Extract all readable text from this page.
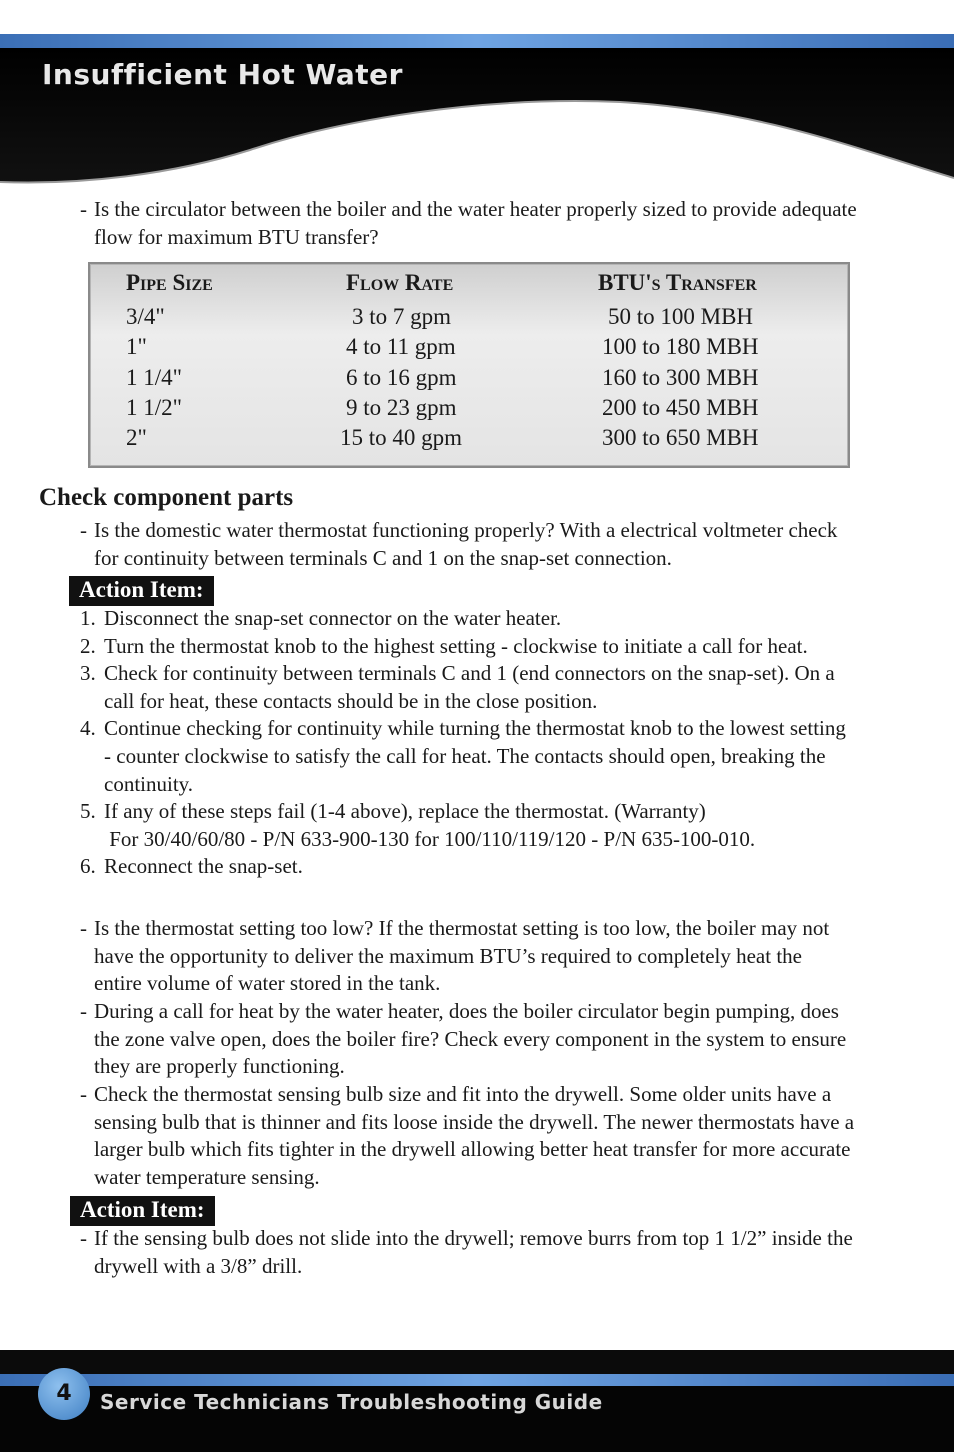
Insufficient Hot Water
- Is the circulator between the boiler and the water heater properly sized to provide adequate
flow for maximum BTU transfer?
Pipe Size	Flow Rate	BTU's Transfer
3/4"	3 to 7 gpm	50 to 100 MBH
1"	4 to 11 gpm	100 to 180 MBH
1 1/4"	6 to 16 gpm	160 to 300 MBH
1 1/2"	9 to 23 gpm	200 to 450 MBH
2"	15 to 40 gpm	300 to 650 MBH
Check component parts
- Is the domestic water thermostat functioning properly? With a electrical voltmeter check
for continuity between terminals C and 1 on the snap-set connection.
Action Item:
1. Disconnect the snap-set connector on the water heater.
2. Turn the thermostat knob to the highest setting - clockwise to initiate a call for heat.
3. Check for continuity between terminals C and 1 (end connectors on the snap-set). On a
call for heat, these contacts should be in the close position.
4. Continue checking for continuity while turning the thermostat knob to the lowest setting
- counter clockwise to satisfy the call for heat. The contacts should open, breaking the
continuity.
5. If any of these steps fail (1-4 above), replace the thermostat. (Warranty)
For 30/40/60/80 - P/N 633-900-130 for 100/110/119/120 - P/N 635-100-010.
6. Reconnect the snap-set.
- Is the thermostat setting too low? If the thermostat setting is too low, the boiler may not
have the opportunity to deliver the maximum BTU’s required to completely heat the
entire volume of water stored in the tank.
- During a call for heat by the water heater, does the boiler circulator begin pumping, does
the zone valve open, does the boiler fire? Check every component in the system to ensure
they are properly functioning.
- Check the thermostat sensing bulb size and fit into the drywell. Some older units have a
sensing bulb that is thinner and fits loose inside the drywell. The newer thermostats have a
larger bulb which fits tighter in the drywell allowing better heat transfer for more accurate
water temperature sensing.
Action Item:
- If the sensing bulb does not slide into the drywell; remove burrs from top 1 1/2” inside the
drywell with a 3/8” drill.
4	Service Technicians Troubleshooting Guide
